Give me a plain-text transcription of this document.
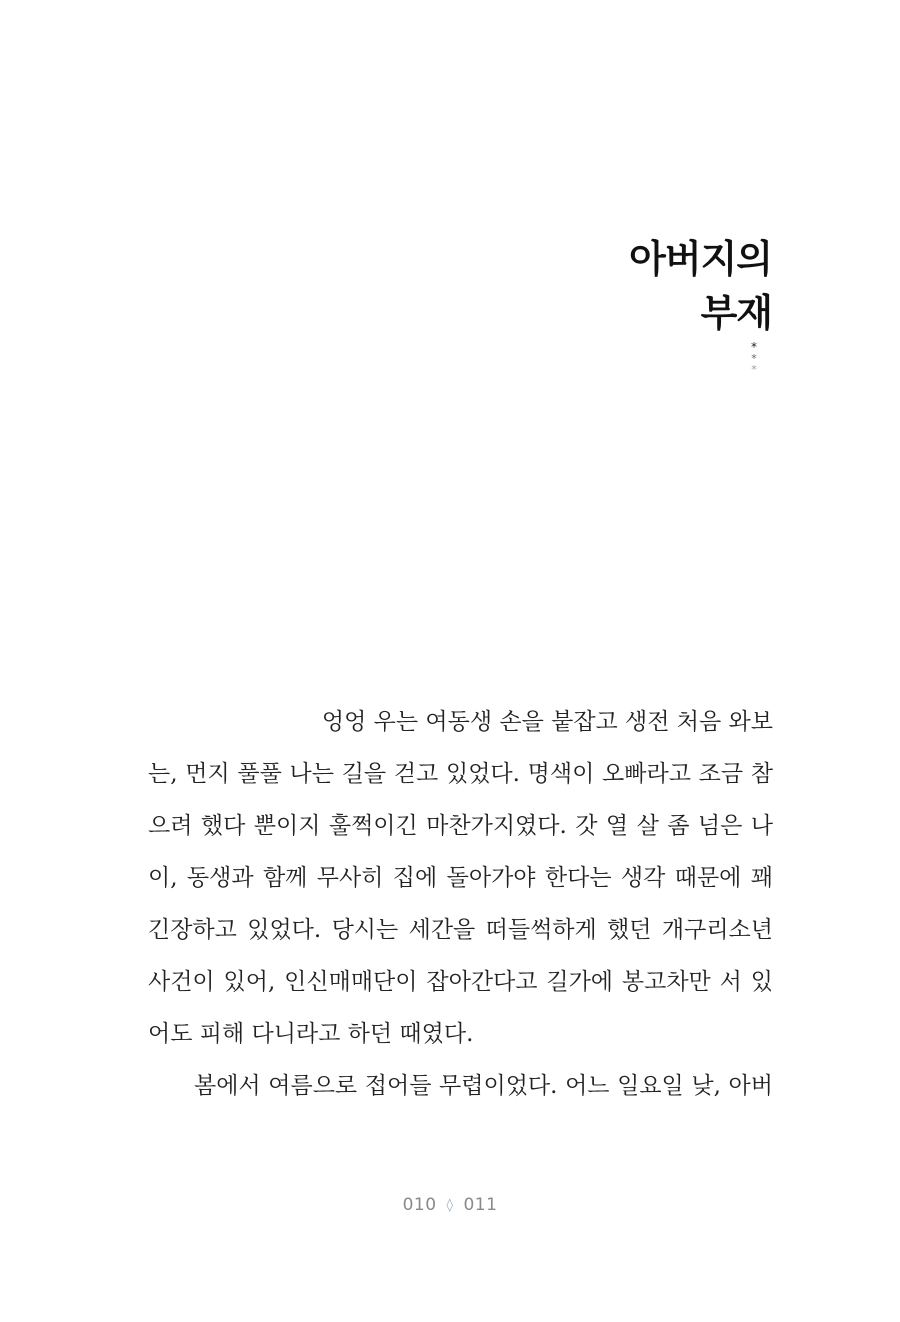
아버지의
부재
*
*
*
엉엉 우는 여동생 손을 붙잡고 생전 처음 와보
는, 먼지 풀풀 나는 길을 걷고 있었다. 명색이 오빠라고 조금 참
으려 했다 뿐이지 훌쩍이긴 마찬가지였다. 갓 열 살 좀 넘은 나
이, 동생과 함께 무사히 집에 돌아가야 한다는 생각 때문에 꽤
긴장하고 있었다. 당시는 세간을 떠들썩하게 했던 개구리소년
사건이 있어, 인신매매단이 잡아간다고 길가에 봉고차만 서 있
어도 피해 다니라고 하던 때였다.
봄에서 여름으로 접어들 무렵이었다. 어느 일요일 낮, 아버
010 ◊ 011
